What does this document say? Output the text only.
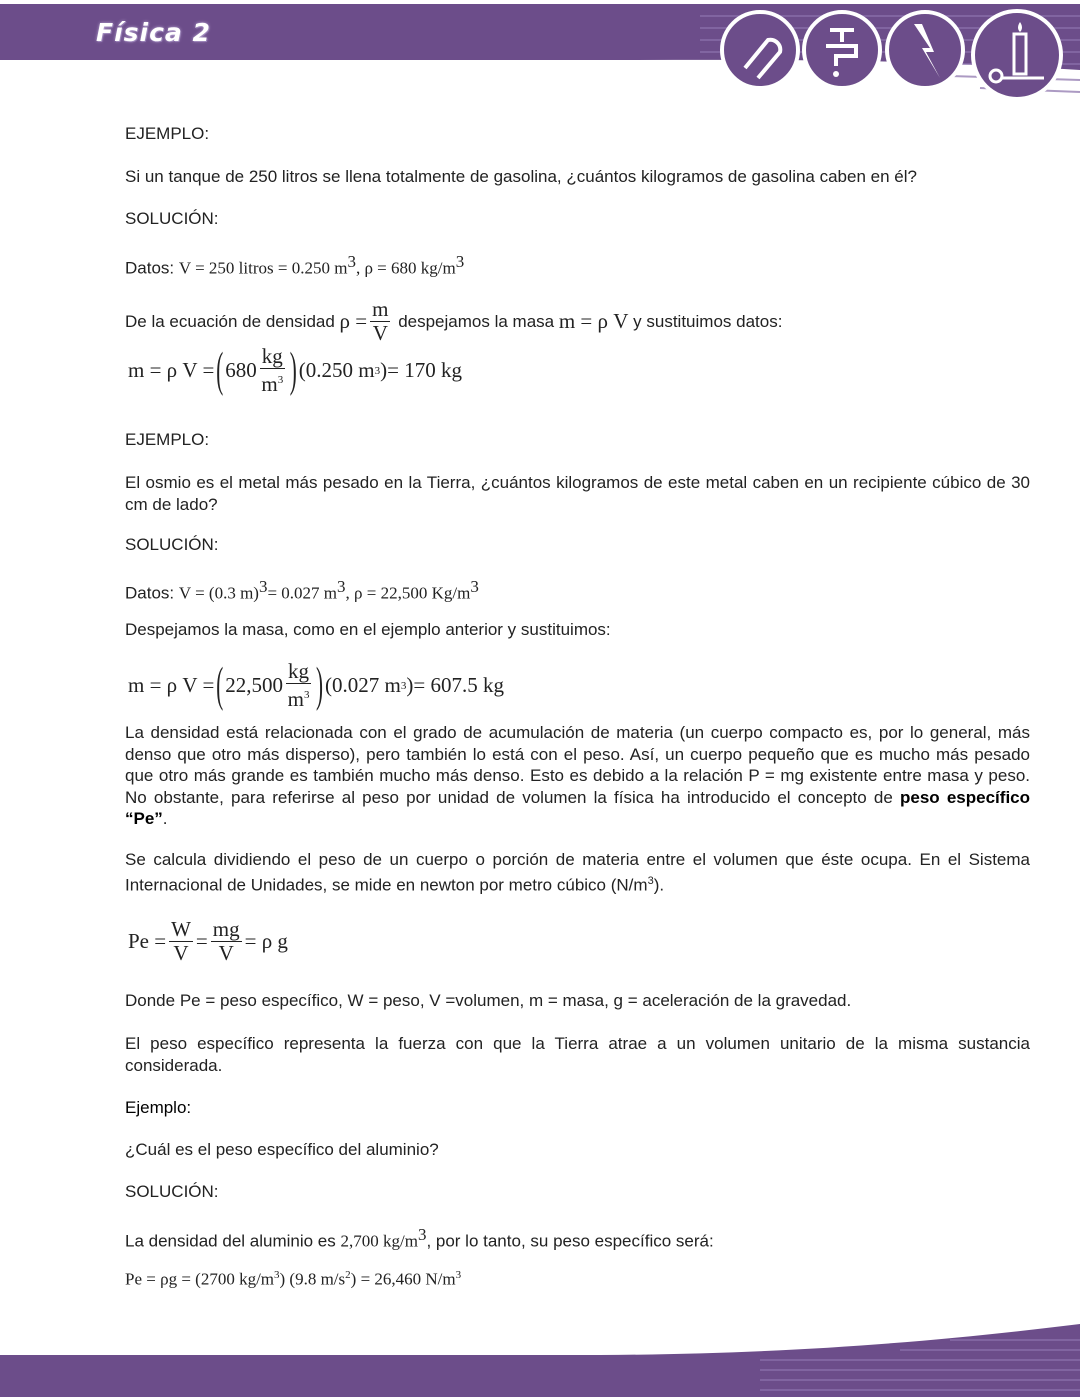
Física 2
EJEMPLO:
Si un tanque de 250 litros se llena totalmente de gasolina, ¿cuántos kilogramos de gasolina caben en él?
SOLUCIÓN:
Datos: V = 250 litros = 0.250 $m^3$, ρ = 680 $kg/m^3$
De la ecuación de densidad $\rho = \frac{m}{V}$ despejamos la masa m = ρ V y sustituimos datos:
m = ρ V = ( $680 \frac{kg}{m^3}$ ) ( 0.250 m 3 ) = 170 kg
EJEMPLO:
El osmio es el metal más pesado en la Tierra, ¿cuántos kilogramos de este metal caben en un recipiente cúbico de 30 cm de lado?
SOLUCIÓN:
Datos: V = (0.3 m)$^3$= 0.027 $m^3$, ρ = 22,500 $Kg/m^3$
Despejamos la masa, como en el ejemplo anterior y sustituimos:
m = ρ V = ( $22,500 \frac{kg}{m^3}$ ) ( 0.027 m 3 ) = 607.5 kg
La densidad está relacionada con el grado de acumulación de materia (un cuerpo compacto es, por lo general, más denso que otro más disperso), pero también lo está con el peso. Así, un cuerpo pequeño que es mucho más pesado que otro más grande es también mucho más denso. Esto es debido a la relación P = mg existente entre masa y peso. No obstante, para referirse al peso por unidad de volumen la física ha introducido el concepto de peso específico “Pe”.
Se calcula dividiendo el peso de un cuerpo o porción de materia entre el volumen que éste ocupa. En el Sistema Internacional de Unidades, se mide en newton por metro cúbico $(N/m^3)$.
$Pe = \frac{W}{V} = \frac{mg}{V} = \rho$ g
Donde Pe = peso específico, W = peso, V =volumen, m = masa, g = aceleración de la gravedad.
El peso específico representa la fuerza con que la Tierra atrae a un volumen unitario de la misma sustancia considerada.
Ejemplo:
¿Cuál es el peso específico del aluminio?
SOLUCIÓN:
La densidad del aluminio es 2,700 $kg/m^3$, por lo tanto, su peso específico será:
Pe = ρg = (2700 $kg/m^3$) (9.8 $m/s^2) = 26,460$ $N/m^3$
